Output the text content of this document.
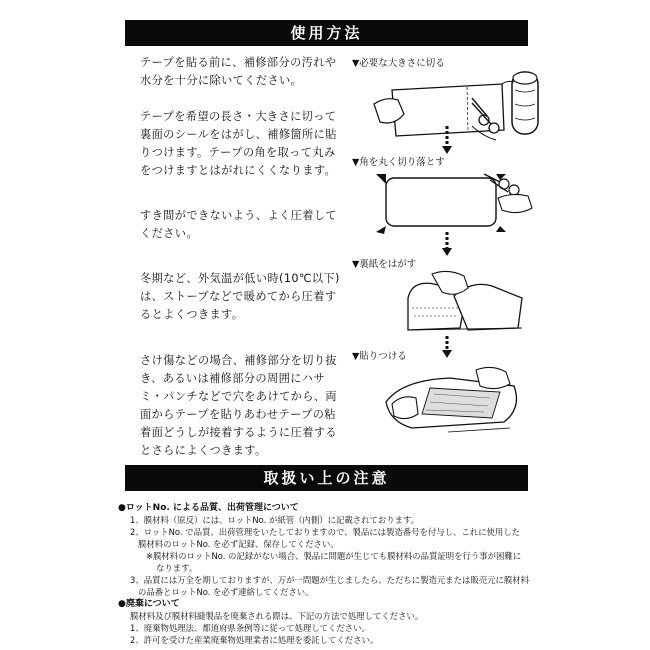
使用方法

テープを貼る前に、補修部分の汚れや水分を十分に除いてください。

テープを希望の長さ・大きさに切って裏面のシールをはがし、補修箇所に貼りつけます。テープの角を取って丸みをつけますとはがれにくくなります。

すき間ができないよう、よく圧着してください。

冬期など、外気温が低い時(10℃以下)は、ストーブなどで暖めてから圧着するとよくつきます。

さけ傷などの場合、補修部分を切り抜き、あるいは補修部分の周囲にハサミ・パンチなどで穴をあけてから、両面からテープを貼りあわせテープの粘着面どうしが接着するように圧着するとさらによくつきます。

▼必要な大きさに切る
▼角を丸く切り落とす
▼裏紙をはがす
▼貼りつける
取扱い上の注意
●ロットNo. による品質、出荷管理について
1、膜材料（原反）には、ロットNo. が紙管（内側）に記載されております。
2、ロットNo. で品質、出荷管理をいたしておりますので、製品には製造番号を付与し、これに使用した
膜材料のロットNo. を必ず記録、保存してください。
※膜材料のロットNo. の記録がない場合、製品に問題が生じても膜材料の品質証明を行う事が困難に
なります。
3、品質には万全を期しておりますが、万が一問題が生じましたら、ただちに製造元または販売元に膜材料
の品番とロットNo. を必ず連絡してください。
●廃棄について
膜材料及び膜材料縫製品を廃棄される際は、下記の方法で処理してください。
1、廃棄物処理法、都道府県条例等に従って処理してください。
2、許可を受けた産業廃棄物処理業者に処理を委託してください。
